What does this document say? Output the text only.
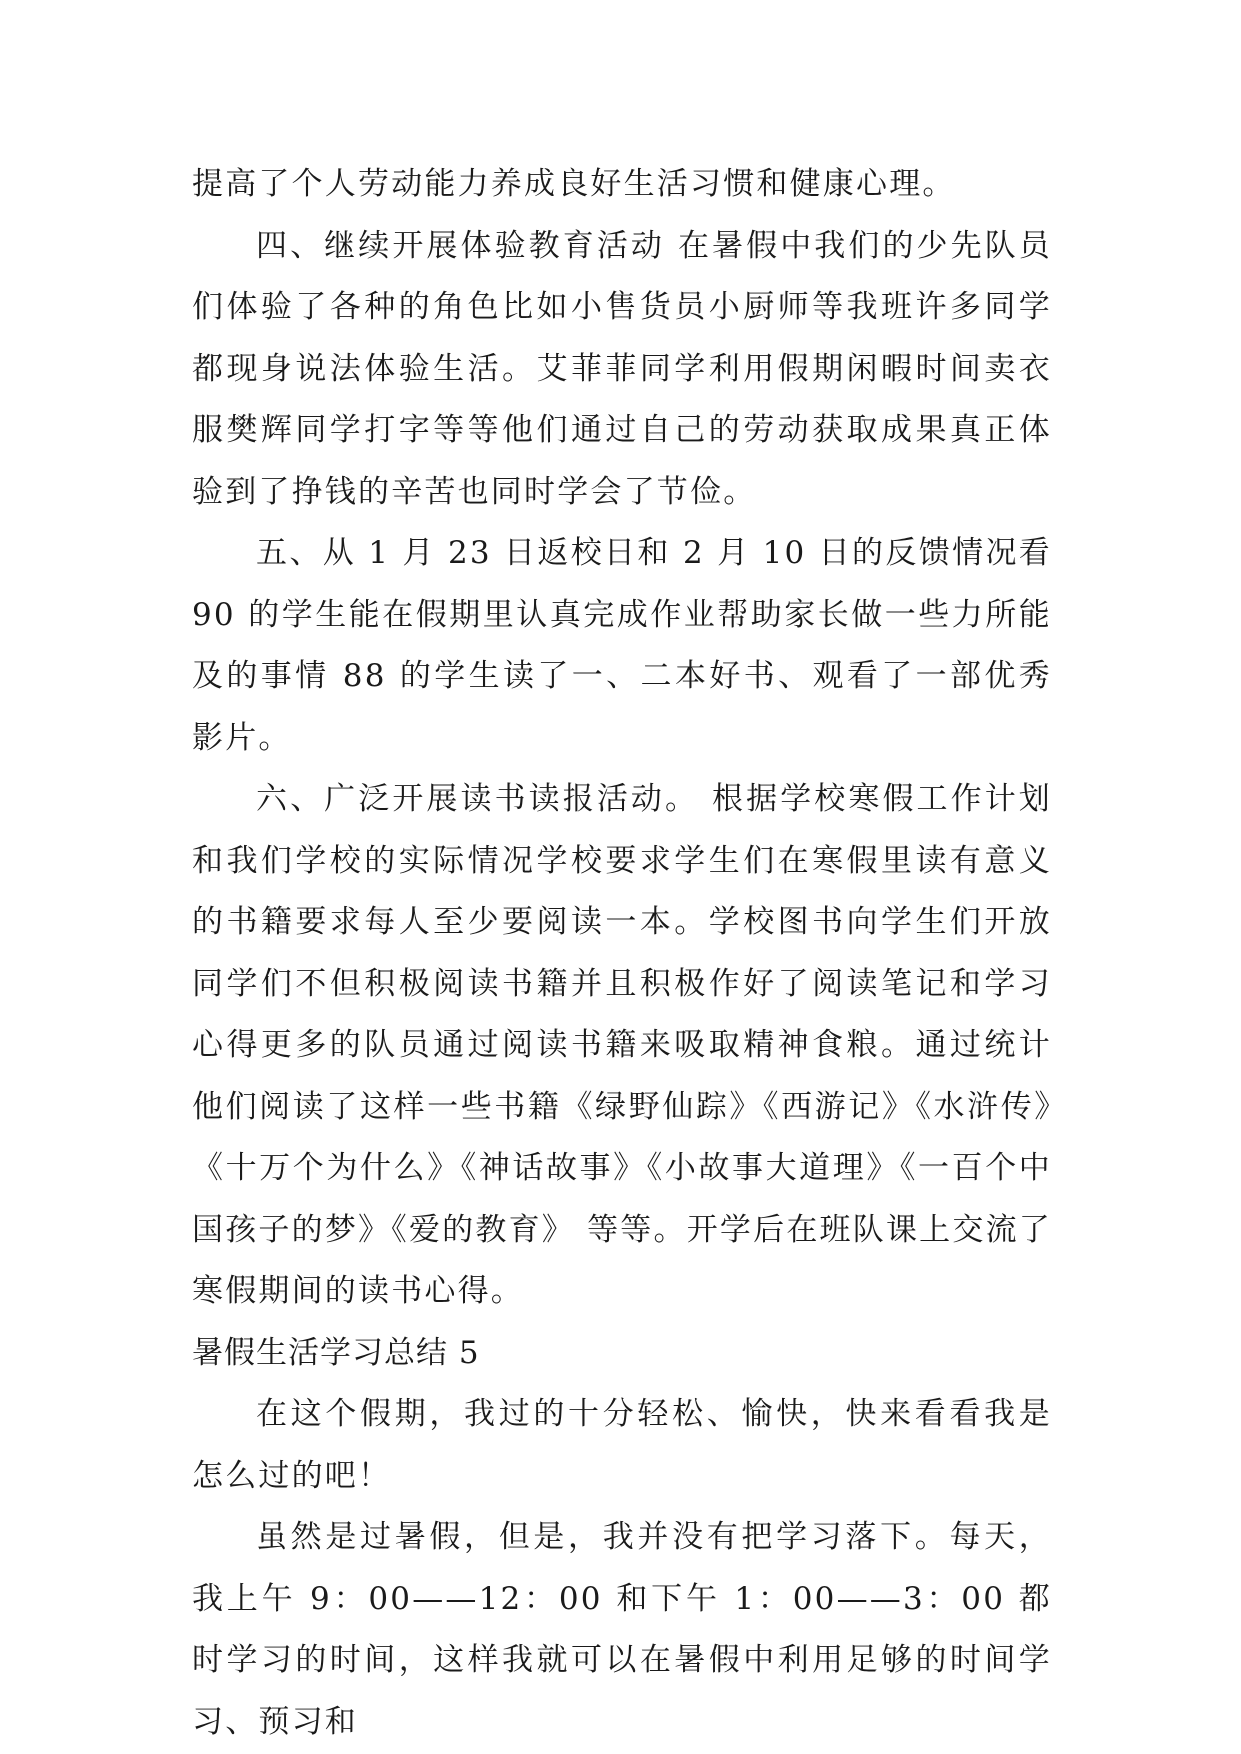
提高了个人劳动能力养成良好生活习惯和健康心理。

四、继续开展体验教育活动 在暑假中我们的少先队员们体验了各种的角色比如小售货员小厨师等我班许多同学都现身说法体验生活。艾菲菲同学利用假期闲暇时间卖衣服樊辉同学打字等等他们通过自己的劳动获取成果真正体验到了挣钱的辛苦也同时学会了节俭。

五、从 1 月 23 日返校日和 2 月 10 日的反馈情况看 90 的学生能在假期里认真完成作业帮助家长做一些力所能及的事情 88 的学生读了一、二本好书、观看了一部优秀影片。

六、广泛开展读书读报活动。 根据学校寒假工作计划和我们学校的实际情况学校要求学生们在寒假里读有意义的书籍要求每人至少要阅读一本。学校图书向学生们开放同学们不但积极阅读书籍并且积极作好了阅读笔记和学习心得更多的队员通过阅读书籍来吸取精神食粮。通过统计他们阅读了这样一些书籍《绿野仙踪》《西游记》《水浒传》《十万个为什么》《神话故事》《小故事大道理》《一百个中国孩子的梦》《爱的教育》 等等。开学后在班队课上交流了寒假期间的读书心得。

暑假生活学习总结 5

在这个假期，我过的十分轻松、愉快，快来看看我是怎么过的吧！

虽然是过暑假，但是，我并没有把学习落下。每天，我上午 9：00——12：00 和下午 1：00——3：00 都时学习的时间，这样我就可以在暑假中利用足够的时间学习、预习和
